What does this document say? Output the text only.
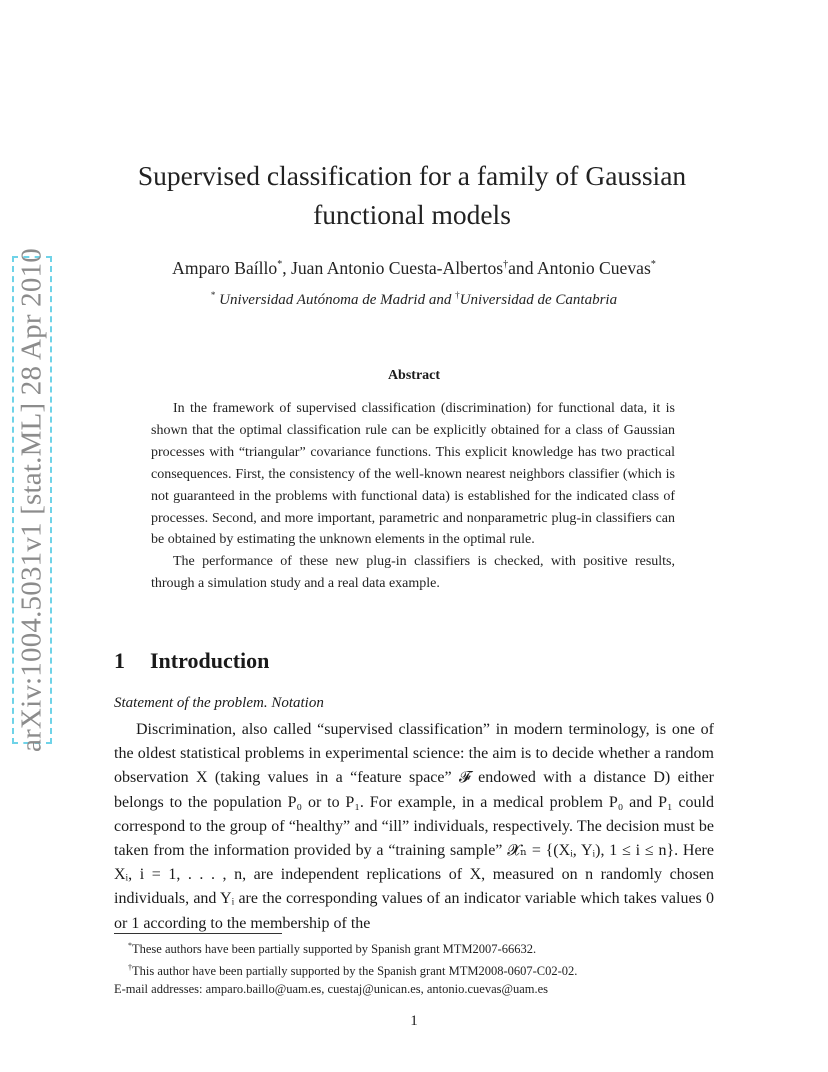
arXiv:1004.5031v1 [stat.ML] 28 Apr 2010
Supervised classification for a family of Gaussian functional models
Amparo Baíllo*, Juan Antonio Cuesta-Albertos†and Antonio Cuevas*
* Universidad Autónoma de Madrid and †Universidad de Cantabria
Abstract

In the framework of supervised classification (discrimination) for functional data, it is shown that the optimal classification rule can be explicitly obtained for a class of Gaussian processes with “triangular” covariance functions. This explicit knowledge has two practical consequences. First, the consistency of the well-known nearest neighbors classifier (which is not guaranteed in the problems with functional data) is established for the indicated class of processes. Second, and more important, parametric and nonparametric plug-in classifiers can be obtained by estimating the unknown elements in the optimal rule.

The performance of these new plug-in classifiers is checked, with positive results, through a simulation study and a real data example.

1 Introduction
Statement of the problem. Notation

Discrimination, also called “supervised classification” in modern terminology, is one of the oldest statistical problems in experimental science: the aim is to decide whether a random observation X (taking values in a “feature space” 𝓕 endowed with a distance D) either belongs to the population P₀ or to P₁. For example, in a medical problem P₀ and P₁ could correspond to the group of “healthy” and “ill” individuals, respectively. The decision must be taken from the information provided by a “training sample” 𝓧ₙ = {(Xᵢ, Yᵢ), 1 ≤ i ≤ n}. Here Xᵢ, i = 1, . . . , n, are independent replications of X, measured on n randomly chosen individuals, and Yᵢ are the corresponding values of an indicator variable which takes values 0 or 1 according to the membership of the

*These authors have been partially supported by Spanish grant MTM2007-66632.
†This author have been partially supported by the Spanish grant MTM2008-0607-C02-02.
E-mail addresses: amparo.baillo@uam.es, cuestaj@unican.es, antonio.cuevas@uam.es
1
